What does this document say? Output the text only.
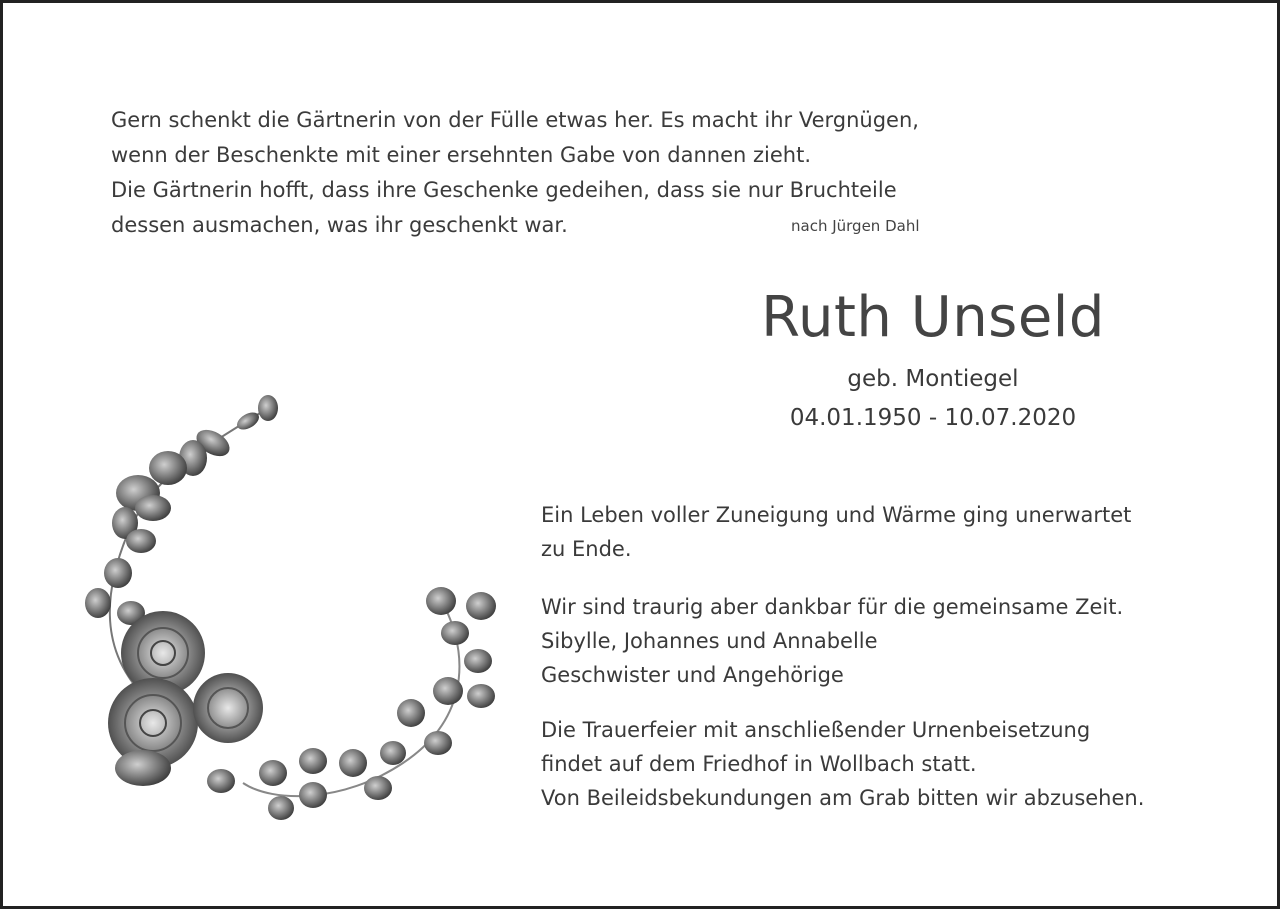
Gern schenkt die Gärtnerin von der Fülle etwas her. Es macht ihr Vergnügen,

wenn der Beschenkte mit einer ersehnten Gabe von dannen zieht.

Die Gärtnerin hofft, dass ihre Geschenke gedeihen, dass sie nur Bruchteile

dessen ausmachen, was ihr geschenkt war.	nach Jürgen Dahl
Ruth Unseld
geb. Montiegel
04.01.1950 - 10.07.2020

Ein Leben voller Zuneigung und Wärme ging unerwartet

zu Ende.

Wir sind traurig aber dankbar für die gemeinsame Zeit.

Sibylle, Johannes und Annabelle

Geschwister und Angehörige

Die Trauerfeier mit anschließender Urnenbeisetzung

findet auf dem Friedhof in Wollbach statt.

Von Beileidsbekundungen am Grab bitten wir abzusehen.
